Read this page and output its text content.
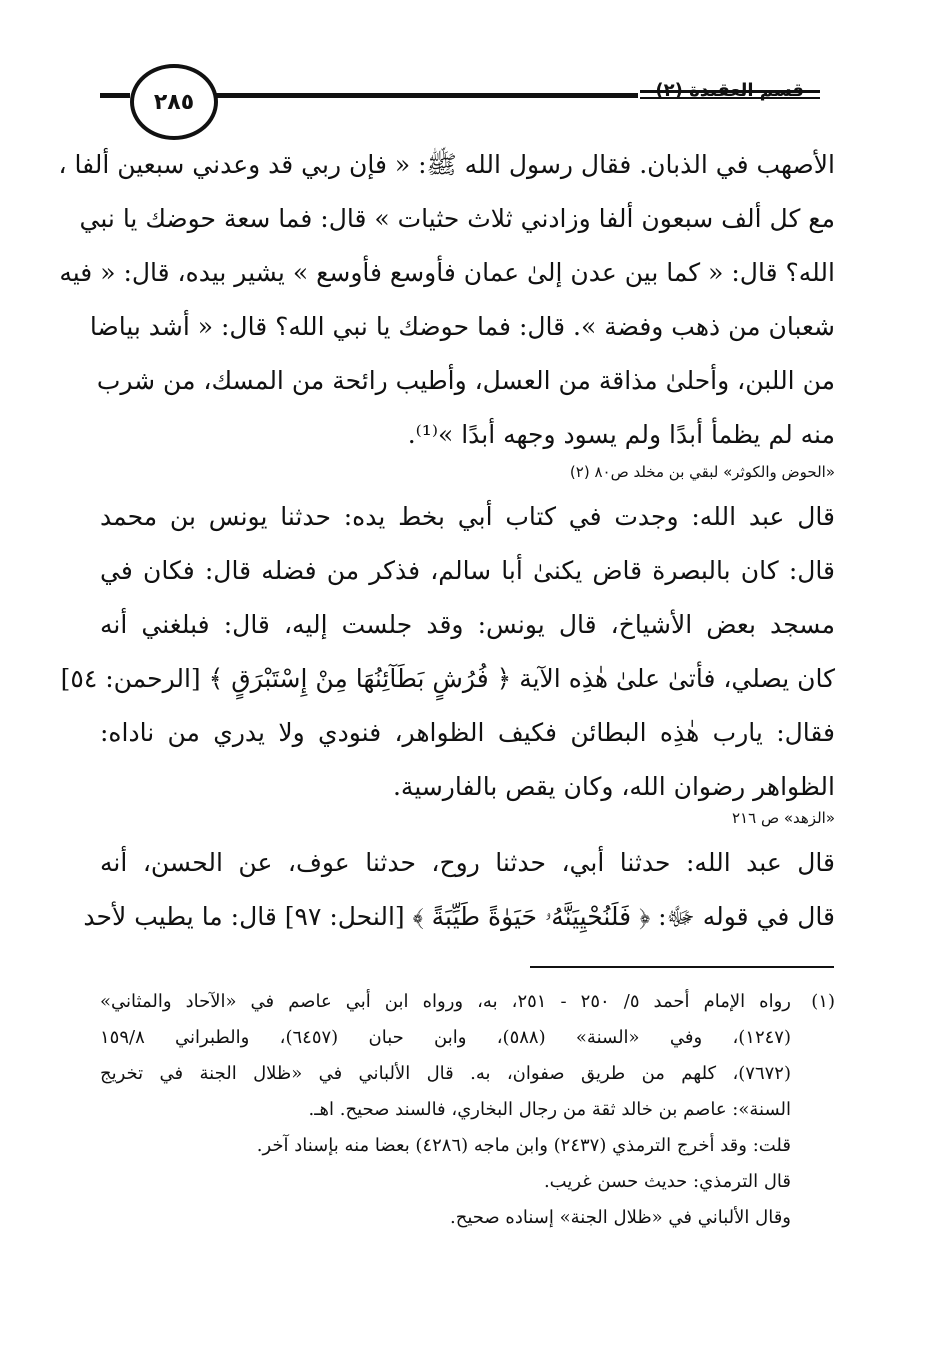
قسم العقيدة (٢)
٢٨٥
الأصهب في الذبان. فقال رسول الله ﷺ: « فإن ربي قد وعدني سبعين ألفا ،
مع كل ألف سبعون ألفا وزادني ثلاث حثيات » قال: فما سعة حوضك يا نبي
الله؟ قال: « كما بين عدن إلىٰ عمان فأوسع فأوسع » يشير بيده، قال: « فيه
شعبان من ذهب وفضة ». قال: فما حوضك يا نبي الله؟ قال: « أشد بياضا
من اللبن، وأحلىٰ مذاقة من العسل، وأطيب رائحة من المسك، من شرب
منه لم يظمأ أبدًا ولم يسود وجهه أبدًا »⁽¹⁾.
«الحوض والكوثر» لبقي بن مخلد ص٨٠ (٢)
قال عبد الله: وجدت في كتاب أبي بخط يده: حدثنا يونس بن محمد
قال: كان بالبصرة قاض يكنىٰ أبا سالم، فذكر من فضله قال: فكان في
مسجد بعض الأشياخ، قال يونس: وقد جلست إليه، قال: فبلغني أنه
كان يصلي، فأتىٰ علىٰ هٰذِه الآية ﴿ فُرُشٍ بَطَآئِنُهَا مِنْ إِسْتَبْرَقٍ ﴾ [الرحمن: ٥٤]
فقال: يارب هٰذِه البطائن فكيف الظواهر، فنودي ولا يدري من ناداه:
الظواهر رضوان الله، وكان يقص بالفارسية.
«الزهد» ص ٢١٦
قال عبد الله: حدثنا أبي، حدثنا روح، حدثنا عوف، عن الحسن، أنه
قال في قوله ﷻ: ﴿ فَلَنُحْيِيَنَّهُۥ حَيَوٰةً طَيِّبَةً ﴾ [النحل: ٩٧] قال: ما يطيب لأحد
(١)
رواه الإمام أحمد ٥/ ٢٥٠ - ٢٥١، به، ورواه ابن أبي عاصم في «الآحاد والمثاني»
(١٢٤٧)، وفي «السنة» (٥٨٨)، وابن حبان (٦٤٥٧)، والطبراني ١٥٩/٨
(٧٦٧٢)، كلهم من طريق صفوان، به. قال الألباني في «ظلال الجنة في تخريج
السنة»: عاصم بن خالد ثقة من رجال البخاري، فالسند صحيح. اهـ.
قلت: وقد أخرج الترمذي (٢٤٣٧) وابن ماجه (٤٢٨٦) بعضا منه بإسناد آخر.
قال الترمذي: حديث حسن غريب.
وقال الألباني في «ظلال الجنة» إسناده صحيح.
